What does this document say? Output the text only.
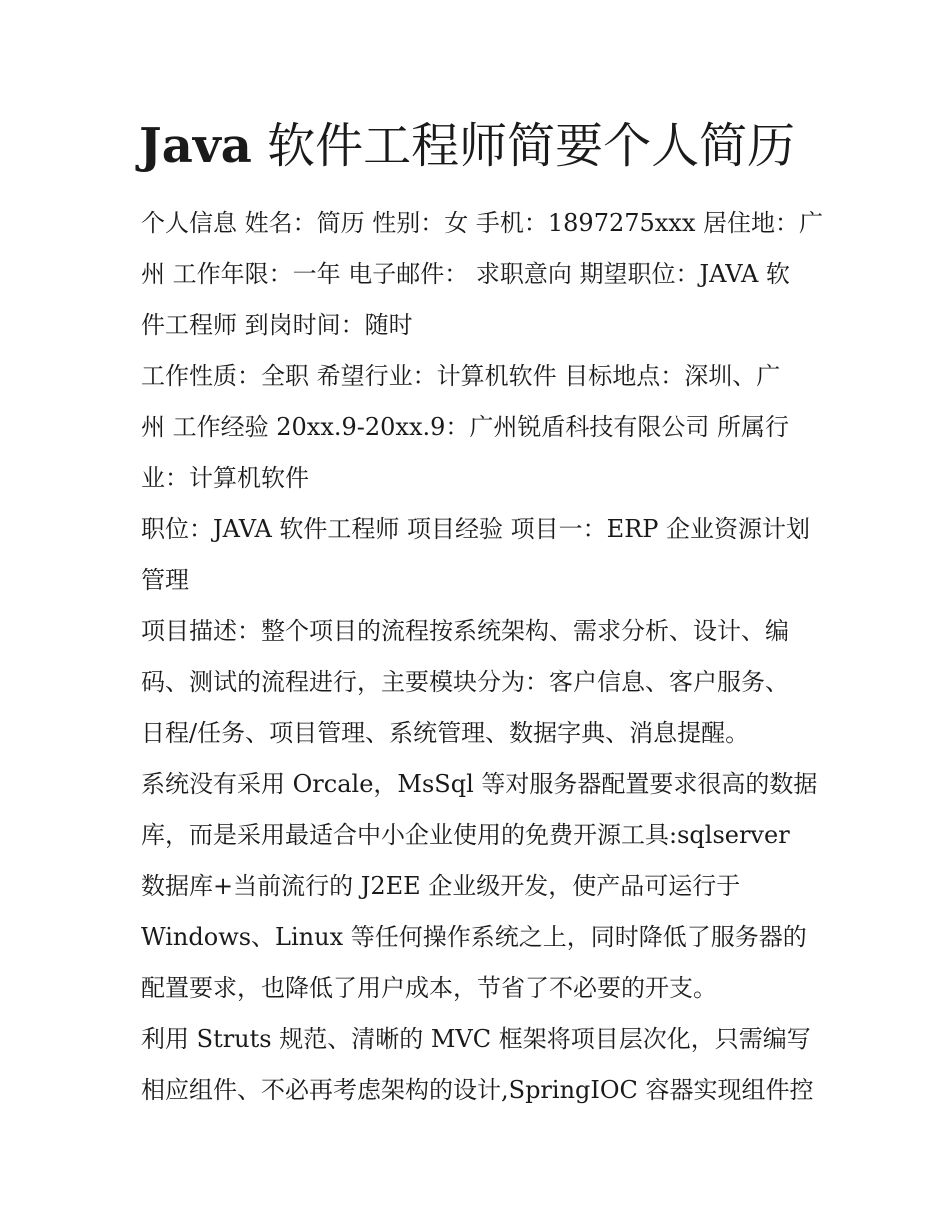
Java 软件工程师简要个人简历
个人信息 姓名：简历 性别：女 手机：1897275xxx 居住地：广
州 工作年限：一年 电子邮件： 求职意向 期望职位：JAVA 软
件工程师 到岗时间：随时
工作性质：全职 希望行业：计算机软件 目标地点：深圳、广
州 工作经验 20xx.9-20xx.9：广州锐盾科技有限公司 所属行
业：计算机软件
职位：JAVA 软件工程师 项目经验 项目一：ERP 企业资源计划
管理
项目描述：整个项目的流程按系统架构、需求分析、设计、编
码、测试的流程进行，主要模块分为：客户信息、客户服务、
日程/任务、项目管理、系统管理、数据字典、消息提醒。
系统没有采用 Orcale，MsSql 等对服务器配置要求很高的数据
库，而是采用最适合中小企业使用的免费开源工具:sqlserver
数据库+当前流行的 J2EE 企业级开发，使产品可运行于
Windows、Linux 等任何操作系统之上，同时降低了服务器的
配置要求，也降低了用户成本，节省了不必要的开支。
利用 Struts 规范、清晰的 MVC 框架将项目层次化，只需编写
相应组件、不必再考虑架构的设计,SpringIOC 容器实现组件控
